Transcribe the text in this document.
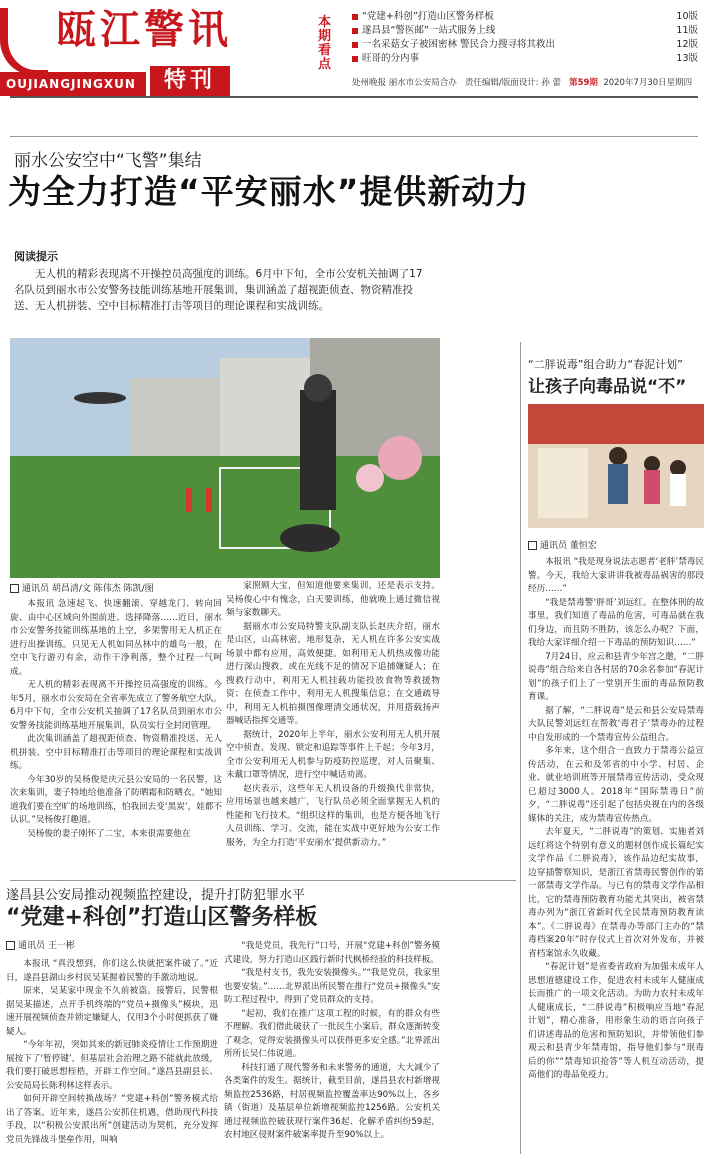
瓯江警讯
OUJIANGJINGXUN	特刊
本期看点
“党建+科创”打造山区警务样板	10版
遂昌县“警医邮”一站式服务上线	11版
一名采菇女子被困密林 警民合力搜寻将其救出	12版
旺哥的分内事	13版
处州晚报 丽水市公安局合办 责任编辑/版面设计: 孙 蕾 第59期 2020年7月30日星期四
丽水公安空中“飞警”集结
为全力打造“平安丽水”提供新动力
阅读提示
无人机的精彩表现离不开操控员高强度的训练。6月中下旬，全市公安机关抽调了17名队员到丽水市公安警务技能训练基地开展集训，集训涵盖了超视距侦查、物资精准投送、无人机拼装、空中目标精准打击等项目的理论课程和实战训练。
通讯员 胡昌清/文 陈伟杰 陈凯/图

本报讯 急速起飞、快速翻滚、穿越龙门、转向回旋、由中心区域向外围前进、选择降落……近日，丽水市公安警务技能训练基地的上空，多架警用无人机正在进行出操训练。只见无人机如同丛林中的雄鸟一般，在空中飞行游刃有余，动作干净利落，整个过程一气呵成。

无人机的精彩表现离不开操控员高强度的训练。今年5月，丽水市公安局在全省率先成立了警务航空大队。6月中下旬，全市公安机关抽调了17名队员到丽水市公安警务技能训练基地开展集训，队员实行全封闭管理。

此次集训涵盖了超视距侦查、物资精准投送、无人机拼装、空中目标精准打击等项目的理论课程和实战训练。

今年30岁的吴杨俊是庆元县公安局的一名民警，这次来集训，妻子特地给他准备了防晒霜和防晒衣。“她知道我们要在空旷的场地训练，怕我回去变‘黑炭’，娃都不认识。”吴杨俊打趣道。

吴杨俊的妻子刚怀了二宝，本来很需要他在

家照顾大宝，但知道他要来集训，还是表示支持。吴杨俊心中有愧念，白天要训练，他就晚上通过微信视频与家数聊天。

据丽水市公安局特警支队副支队长赵庆介绍，丽水是山区，山高林密，地形复杂，无人机在许多公安实战场景中都有应用，高效便捷。如利用无人机热成像功能进行深山搜救，或在光线不足的情况下追捕嫌疑人；在搜救行动中，利用无人机挂载功能投放食物等救援物资；在侦查工作中，利用无人机搜集信息；在交通疏导中，利用无人机拍摄图像理清交通状况，并用搭载扬声器喊话指挥交通等。

据统计，2020年上半年，丽水公安利用无人机开展空中侦查、发现、锁定和追踪等事件上千起；今年3月，全市公安利用无人机参与防疫防控巡逻，对人员聚集、未戴口罩等情况，进行空中喊话劝离。

赵庆表示，这些年无人机设备的升级换代非常快，应用场景也越来越广，飞行队员必须全面掌握无人机的性能和飞行技术。“组织这样的集训，也是方便各地飞行人员训练、学习、交流，能在实战中更好地为公安工作服务，为全力打造‘平安丽水’提供新动力。”

“二胖说毒”组合助力“春泥计划”
让孩子向毒品说“不”
通讯员 董恒宏

本报讯 “我是现身说法志愿者‘老胖’禁毒民警。今天，我给大家讲讲我被毒品祸害的那段经历……”

“我是禁毒警‘胖哥’刘远红。在整体刑的故事里，我们知道了毒品的危害，可毒品就在我们身边，而且防不胜防，该怎么办呢？下面，我给大家详细介绍一下毒品的预防知识……”

7月24日，应云和县青少年宫之邀，“二胖说毒”组合给来自各村居的70余名参加“春泥计划”的孩子们上了一堂别开生面的毒品预防教育课。

据了解，“二胖说毒”是云和县公安局禁毒大队民警刘远红在帮教‘毒君子’禁毒办的过程中自发形成的一个禁毒宣传公益组合。

多年来，这个组合一直致力于禁毒公益宣传活动，在云和及邻省的中小学、村居、企业、就业培训班等开展禁毒宣传活动，受众现已超过3000人。2018年“国际禁毒日”前夕，“二胖说毒”还引起了包括央视在内的各级媒体的关注，成为禁毒宣传热点。

去年夏天，“二胖说毒”的策划、实施者刘远红将这个特别有意义的题材创作成长篇纪实文学作品《二胖说毒》，该作品边纪实故事，边穿插警察知识，是浙江省禁毒民警创作的第一部禁毒文学作品。与已有的禁毒文学作品相比，它的禁毒预防教育功能尤其突出，被省禁毒办列为“浙江省新时代全民禁毒预防教育读本”。《二胖说毒》在禁毒办等部门主办的“禁毒档案20年”时存仪式上首次对外发布，并被省档案馆永久收藏。

“春泥计划”是省委省政府为加强未成年人思想道德建设工作，促进农村未成年人健康成长而推广的一项文化活动。为助力农村未成年人健康成长，“二胖说毒”积极响应当地“春泥计划”，精心准备，用形象生动的语言向孩子们讲述毒品的危害和预防知识，并带领他们参观云和县青少年禁毒馆，指导他们参与“珉毒后的你”“禁毒知识抢答”等人机互动活动，提高他们的毒品免疫力。

遂昌县公安局推动视频监控建设，提升打防犯罪水平
“党建+科创”打造山区警务样板
通讯员 王一彬

本报讯 “真没想到，你们这么快就把案件破了。”近日，遂昌县湖山乡村民吴某握着民警的手激动地说。

原来，吴某家中现金不久前被盗。接警后，民警根据吴某描述，点开手机终端的“党员+摄像头”模块，迅速开展视频侦查并锁定嫌疑人，仅用3个小时便抓获了嫌疑人。

“今年年初，突如其来的新冠肺炎疫情让工作预期进展按下了‘暂停键’，但基层社会治理之路不能就此放缓，我们要打破思想桎梏，开辟工作空间。”遂昌县副县长、公安局局长陈利林这样表示。

如何开辟空间转换战场？“党建+科创”警务模式给出了答案。近年来，遂昌公安抓住机遇，借助现代科技手段，以“积极公安派出所”创建活动为契机，充分发挥党员先锋战斗堡垒作用，叫响

“我是党员，我先行”口号，开展“党建+科创”警务模式建设，努力打造山区践行新时代枫桥经验的科技样板。

“我是村支书，我先安装摄像头。”“我是党员，我家里也要安装。”……北界派出所民警在推行“党员+摄像头”安防工程过程中，得到了党员群众的支持。

“起初，我们在推广这项工程的时候，有的群众有些不理解。我们借此破获了一批民生小案后，群众逐渐转变了观念，觉得安装摄像头可以获得更多安全感。”北界派出所所长吴仁伟说道。

科技打通了现代警务和未来警务的通道，大大减少了各类案件的发生。据统计，截至目前，遂昌县农村新增视频监控2536路，村居视频监控覆盖率达90%以上，各乡镇（街道）及基层单位新增视频监控1256路。公安机关通过视频监控破获现行案件36起、化解矛盾纠纷59起，农村地区侵财案件破案率提升至90%以上。
